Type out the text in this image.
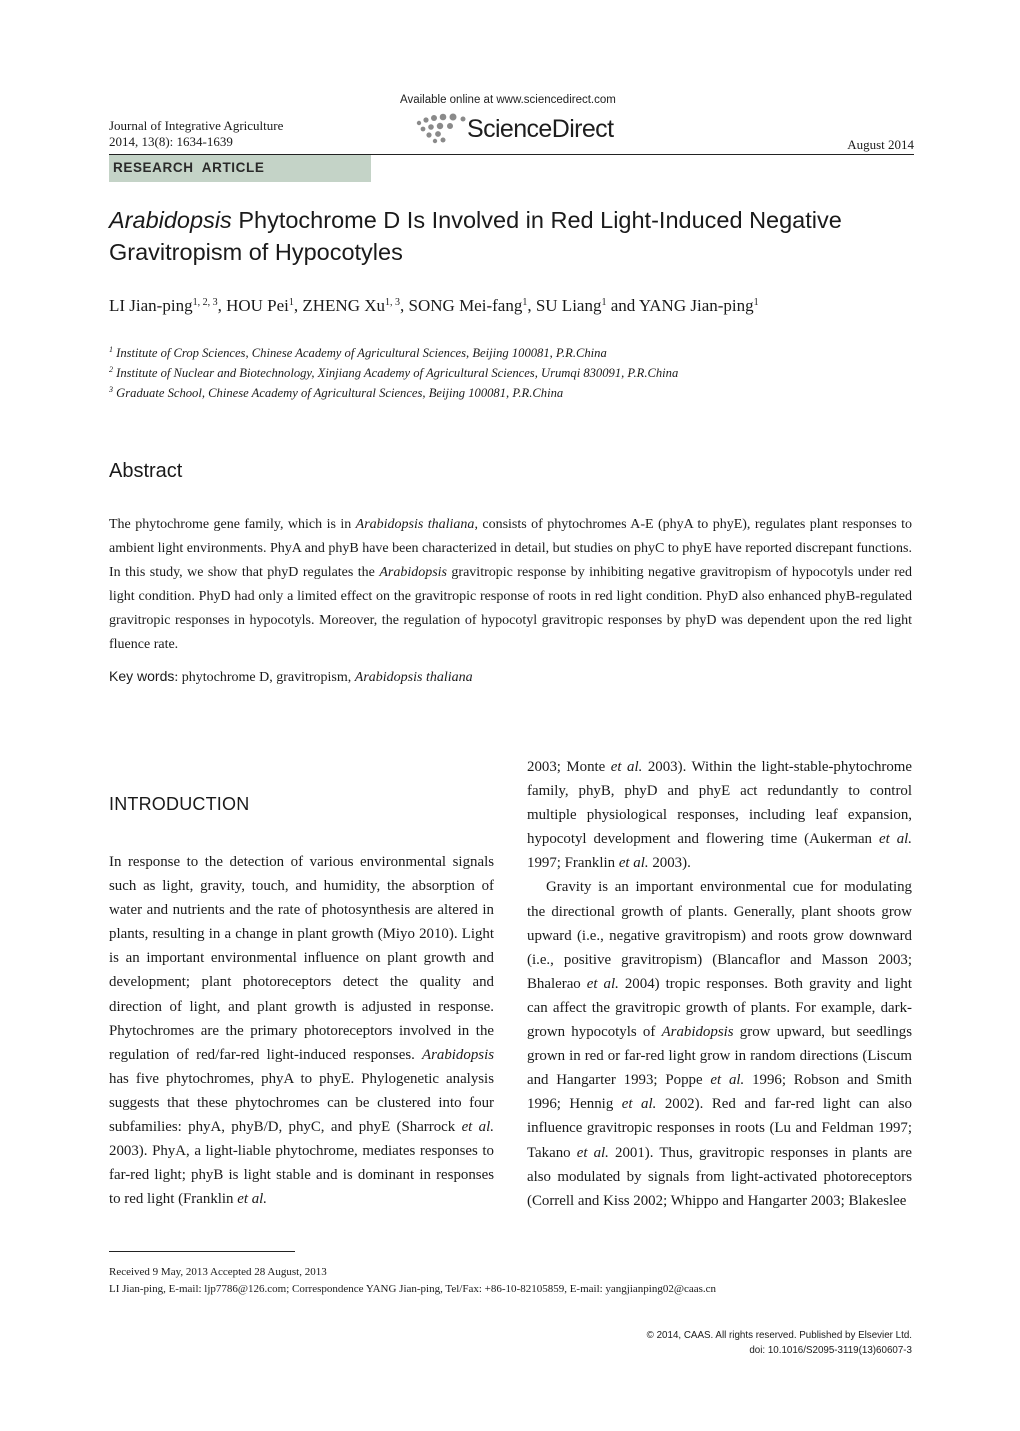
Available online at www.sciencedirect.com
Journal of Integrative Agriculture
2014, 13(8): 1634-1639	ScienceDirect
August 2014
RESEARCH  ARTICLE
Arabidopsis Phytochrome D Is Involved in Red Light-Induced Negative Gravitropism of Hypocotyles
LI Jian-ping$^{1, 2, 3}$, HOU Pei$^1$, ZHENG Xu$^{1, 3}$, SONG Mei-fang$^1$, SU Liang$^1$ and YANG Jian-ping$^1$
$^1$ Institute of Crop Sciences, Chinese Academy of Agricultural Sciences, Beijing 100081, P.R.China
$^2$ Institute of Nuclear and Biotechnology, Xinjiang Academy of Agricultural Sciences, Urumqi 830091, P.R.China
$^3$ Graduate School, Chinese Academy of Agricultural Sciences, Beijing 100081, P.R.China
Abstract
The phytochrome gene family, which is in Arabidopsis thaliana, consists of phytochromes A-E (phyA to phyE), regulates plant responses to ambient light environments. PhyA and phyB have been characterized in detail, but studies on phyC to phyE have reported discrepant functions. In this study, we show that phyD regulates the Arabidopsis gravitropic response by inhibiting negative gravitropism of hypocotyls under red light condition. PhyD had only a limited effect on the gravitropic response of roots in red light condition. PhyD also enhanced phyB-regulated gravitropic responses in hypocotyls. Moreover, the regulation of hypocotyl gravitropic responses by phyD was dependent upon the red light fluence rate.
Key words: phytochrome D, gravitropism, Arabidopsis thaliana
INTRODUCTION

In response to the detection of various environmental signals such as light, gravity, touch, and humidity, the absorption of water and nutrients and the rate of photosynthesis are altered in plants, resulting in a change in plant growth (Miyo 2010). Light is an important environmental influence on plant growth and development; plant photoreceptors detect the quality and direction of light, and plant growth is adjusted in response. Phytochromes are the primary photoreceptors involved in the regulation of red/far-red light-induced responses. Arabidopsis has five phytochromes, phyA to phyE. Phylogenetic analysis suggests that these phytochromes can be clustered into four subfamilies: phyA, phyB/D, phyC, and phyE (Sharrock et al. 2003). PhyA, a light-liable phytochrome, mediates responses to far-red light; phyB is light stable and is dominant in responses to red light (Franklin et al.

2003; Monte et al. 2003). Within the light-stable-phytochrome family, phyB, phyD and phyE act redundantly to control multiple physiological responses, including leaf expansion, hypocotyl development and flowering time (Aukerman et al. 1997; Franklin et al. 2003).

Gravity is an important environmental cue for modulating the directional growth of plants. Generally, plant shoots grow upward (i.e., negative gravitropism) and roots grow downward (i.e., positive gravitropism) (Blancaflor and Masson 2003; Bhalerao et al. 2004) tropic responses. Both gravity and light can affect the gravitropic growth of plants. For example, dark-grown hypocotyls of Arabidopsis grow upward, but seedlings grown in red or far-red light grow in random directions (Liscum and Hangarter 1993; Poppe et al. 1996; Robson and Smith 1996; Hennig et al. 2002). Red and far-red light can also influence gravitropic responses in roots (Lu and Feldman 1997; Takano et al. 2001). Thus, gravitropic responses in plants are also modulated by signals from light-activated photoreceptors (Correll and Kiss 2002; Whippo and Hangarter 2003; Blakeslee

Received 9 May, 2013 Accepted 28 August, 2013
LI Jian-ping, E-mail: ljp7786@126.com; Correspondence YANG Jian-ping, Tel/Fax: +86-10-82105859, E-mail: yangjianping02@caas.cn
© 2014, CAAS. All rights reserved. Published by Elsevier Ltd.
doi: 10.1016/S2095-3119(13)60607-3
